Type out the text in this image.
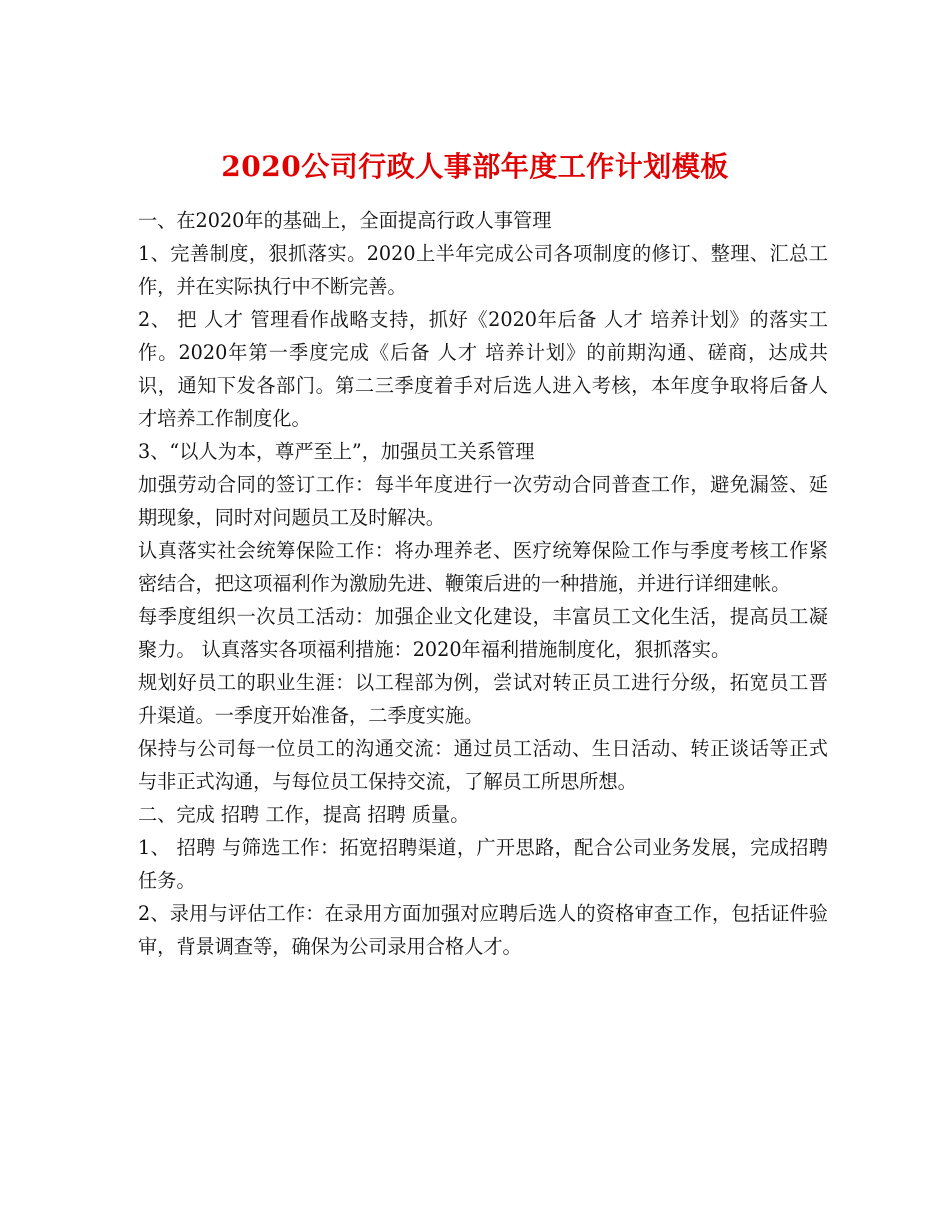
2020公司行政人事部年度工作计划模板

一、在2020年的基础上，全面提高行政人事管理

1、完善制度，狠抓落实。2020上半年完成公司各项制度的修订、整理、汇总工作，并在实际执行中不断完善。

2、 把 人才 管理看作战略支持，抓好《2020年后备 人才 培养计划》的落实工作。2020年第一季度完成《后备 人才 培养计划》的前期沟通、磋商，达成共识，通知下发各部门。第二三季度着手对后选人进入考核，本年度争取将后备人才培养工作制度化。

3、“以人为本，尊严至上”，加强员工关系管理

加强劳动合同的签订工作：每半年度进行一次劳动合同普查工作，避免漏签、延期现象，同时对问题员工及时解决。

认真落实社会统筹保险工作：将办理养老、医疗统筹保险工作与季度考核工作紧密结合，把这项福利作为激励先进、鞭策后进的一种措施，并进行详细建帐。

每季度组织一次员工活动：加强企业文化建设，丰富员工文化生活，提高员工凝聚力。 认真落实各项福利措施：2020年福利措施制度化，狠抓落实。

规划好员工的职业生涯：以工程部为例，尝试对转正员工进行分级，拓宽员工晋升渠道。一季度开始准备，二季度实施。

保持与公司每一位员工的沟通交流：通过员工活动、生日活动、转正谈话等正式与非正式沟通，与每位员工保持交流，了解员工所思所想。

二、完成 招聘 工作，提高 招聘 质量。

1、 招聘 与筛选工作：拓宽招聘渠道，广开思路，配合公司业务发展，完成招聘任务。

2、录用与评估工作：在录用方面加强对应聘后选人的资格审查工作，包括证件验审，背景调查等，确保为公司录用合格人才。
